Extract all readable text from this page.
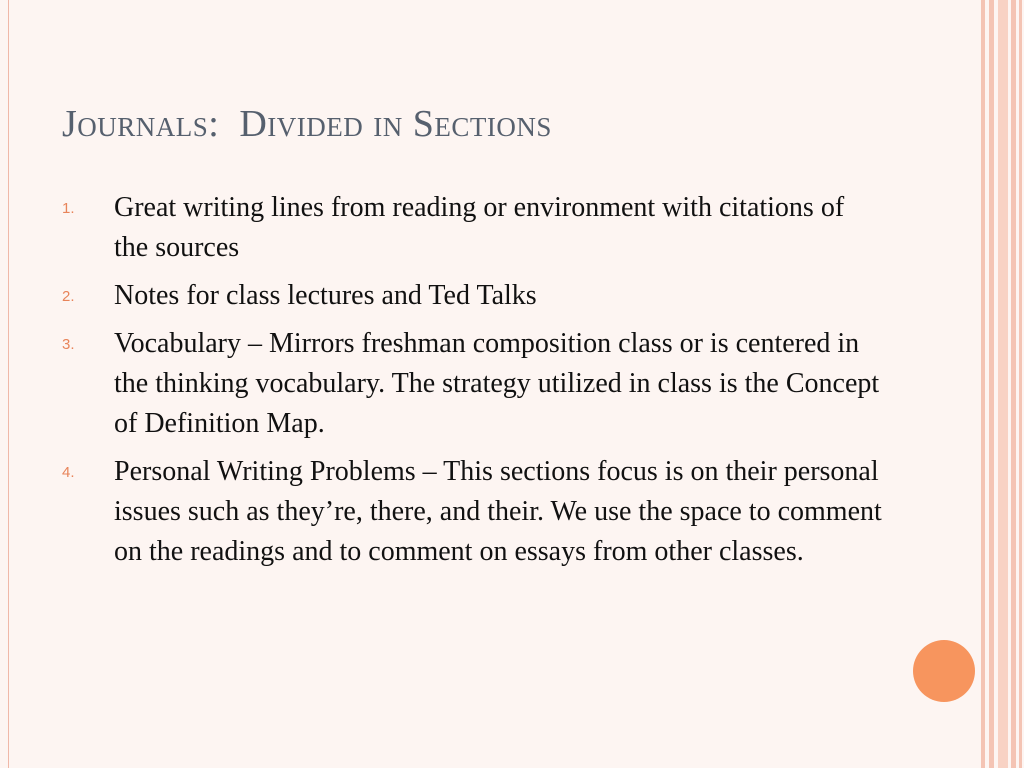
Journals:  Divided in Sections
1.	Great writing lines from reading or environment with citations of the sources
2.	Notes for class lectures and Ted Talks
3.	Vocabulary – Mirrors freshman composition class or is centered in the thinking vocabulary. The strategy utilized in class is the Concept of Definition Map.
4.	Personal Writing Problems – This sections focus is on their personal issues such as they’re, there, and their. We use the space to comment on the readings and to comment on essays from other classes.
